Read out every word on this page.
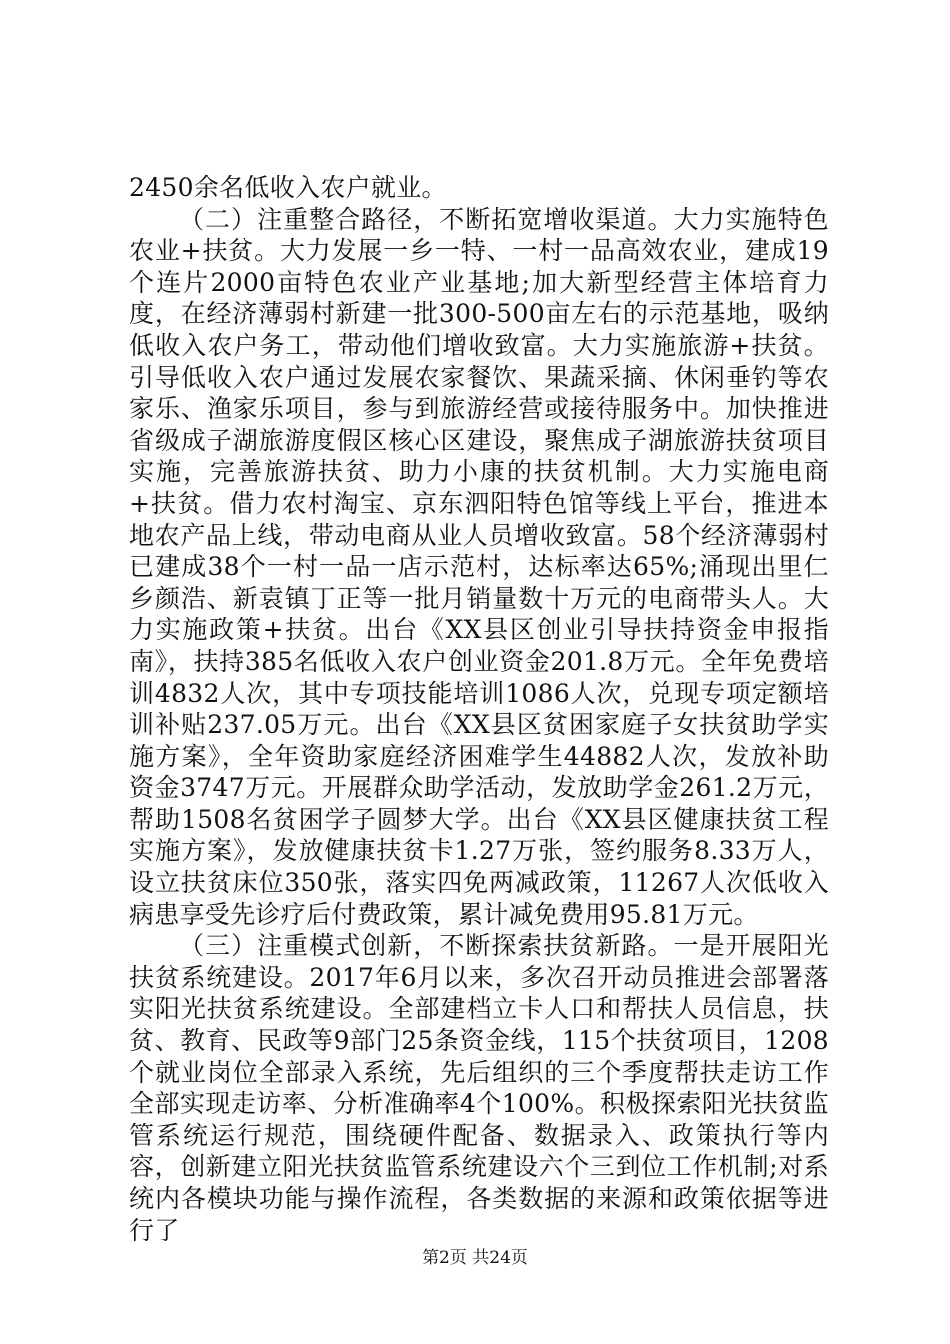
2450余名低收入农户就业。

（二）注重整合路径，不断拓宽增收渠道。大力实施特色农业+扶贫。大力发展一乡一特、一村一品高效农业，建成19个连片2000亩特色农业产业基地;加大新型经营主体培育力度，在经济薄弱村新建一批300-500亩左右的示范基地，吸纳低收入农户务工，带动他们增收致富。大力实施旅游+扶贫。引导低收入农户通过发展农家餐饮、果蔬采摘、休闲垂钓等农家乐、渔家乐项目，参与到旅游经营或接待服务中。加快推进省级成子湖旅游度假区核心区建设，聚焦成子湖旅游扶贫项目实施，完善旅游扶贫、助力小康的扶贫机制。大力实施电商+扶贫。借力农村淘宝、京东泗阳特色馆等线上平台，推进本地农产品上线，带动电商从业人员增收致富。58个经济薄弱村已建成38个一村一品一店示范村，达标率达65%;涌现出里仁乡颜浩、新袁镇丁正等一批月销量数十万元的电商带头人。大力实施政策+扶贫。出台《XX县区创业引导扶持资金申报指南》，扶持385名低收入农户创业资金201.8万元。全年免费培训4832人次，其中专项技能培训1086人次，兑现专项定额培训补贴237.05万元。出台《XX县区贫困家庭子女扶贫助学实施方案》，全年资助家庭经济困难学生44882人次，发放补助资金3747万元。开展群众助学活动，发放助学金261.2万元，帮助1508名贫困学子圆梦大学。出台《XX县区健康扶贫工程实施方案》，发放健康扶贫卡1.27万张，签约服务8.33万人，设立扶贫床位350张，落实四免两减政策，11267人次低收入病患享受先诊疗后付费政策，累计减免费用95.81万元。

（三）注重模式创新，不断探索扶贫新路。一是开展阳光扶贫系统建设。2017年6月以来，多次召开动员推进会部署落实阳光扶贫系统建设。全部建档立卡人口和帮扶人员信息，扶贫、教育、民政等9部门25条资金线，115个扶贫项目，1208个就业岗位全部录入系统，先后组织的三个季度帮扶走访工作全部实现走访率、分析准确率4个100%。积极探索阳光扶贫监管系统运行规范，围绕硬件配备、数据录入、政策执行等内容，创新建立阳光扶贫监管系统建设六个三到位工作机制;对系统内各模块功能与操作流程，各类数据的来源和政策依据等进行了

第2页 共24页
